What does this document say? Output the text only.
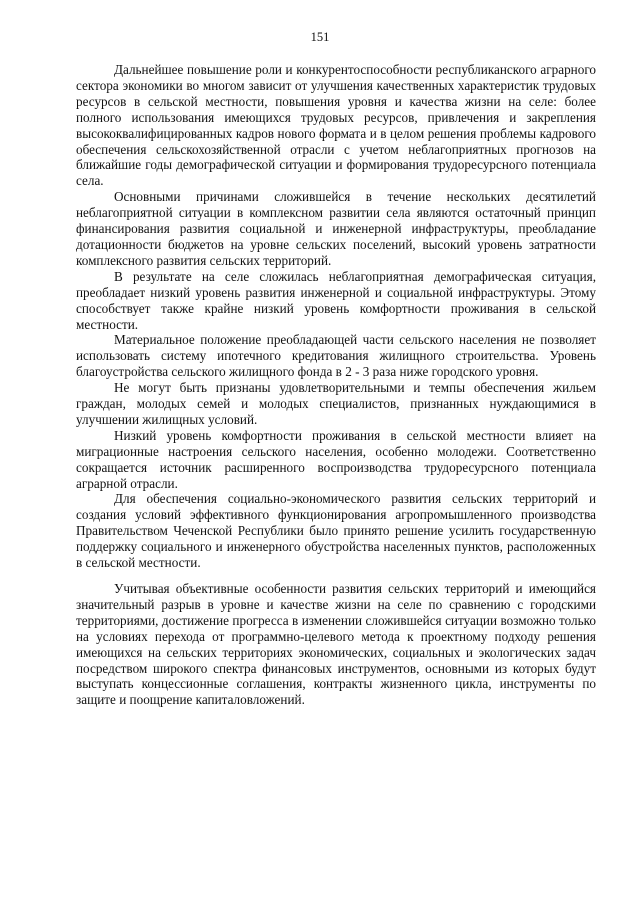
151

Дальнейшее повышение роли и конкурентоспособности республиканского аграрного сектора экономики во многом зависит от улучшения качественных характеристик трудовых ресурсов в сельской местности, повышения уровня и качества жизни на селе: более полного использования имеющихся трудовых ресурсов, привлечения и закрепления высококвалифицированных кадров нового формата и в целом решения проблемы кадрового обеспечения сельскохозяйственной отрасли с учетом неблагоприятных прогнозов на ближайшие годы демографической ситуации и формирования трудоресурсного потенциала села.

Основными причинами сложившейся в течение нескольких десятилетий неблагоприятной ситуации в комплексном развитии села являются остаточный принцип финансирования развития социальной и инженерной инфраструктуры, преобладание дотационности бюджетов на уровне сельских поселений, высокий уровень затратности комплексного развития сельских территорий.

В результате на селе сложилась неблагоприятная демографическая ситуация, преобладает низкий уровень развития инженерной и социальной инфраструктуры. Этому способствует также крайне низкий уровень комфортности проживания в сельской местности.

Материальное положение преобладающей части сельского населения не позволяет использовать систему ипотечного кредитования жилищного строительства. Уровень благоустройства сельского жилищного фонда в 2 - 3 раза ниже городского уровня.

Не могут быть признаны удовлетворительными и темпы обеспечения жильем граждан, молодых семей и молодых специалистов, признанных нуждающимися в улучшении жилищных условий.

Низкий уровень комфортности проживания в сельской местности влияет на миграционные настроения сельского населения, особенно молодежи. Соответственно сокращается источник расширенного воспроизводства трудоресурсного потенциала аграрной отрасли.

Для обеспечения социально-экономического развития сельских территорий и создания условий эффективного функционирования агропромышленного производства Правительством Чеченской Республики было принято решение усилить государственную поддержку социального и инженерного обустройства населенных пунктов, расположенных в сельской местности.

Учитывая объективные особенности развития сельских территорий и имеющийся значительный разрыв в уровне и качестве жизни на селе по сравнению с городскими территориями, достижение прогресса в изменении сложившейся ситуации возможно только на условиях перехода от программно-целевого метода к проектному подходу решения имеющихся на сельских территориях экономических, социальных и экологических задач посредством широкого спектра финансовых инструментов, основными из которых будут выступать концессионные соглашения, контракты жизненного цикла, инструменты по защите и поощрение капиталовложений.
